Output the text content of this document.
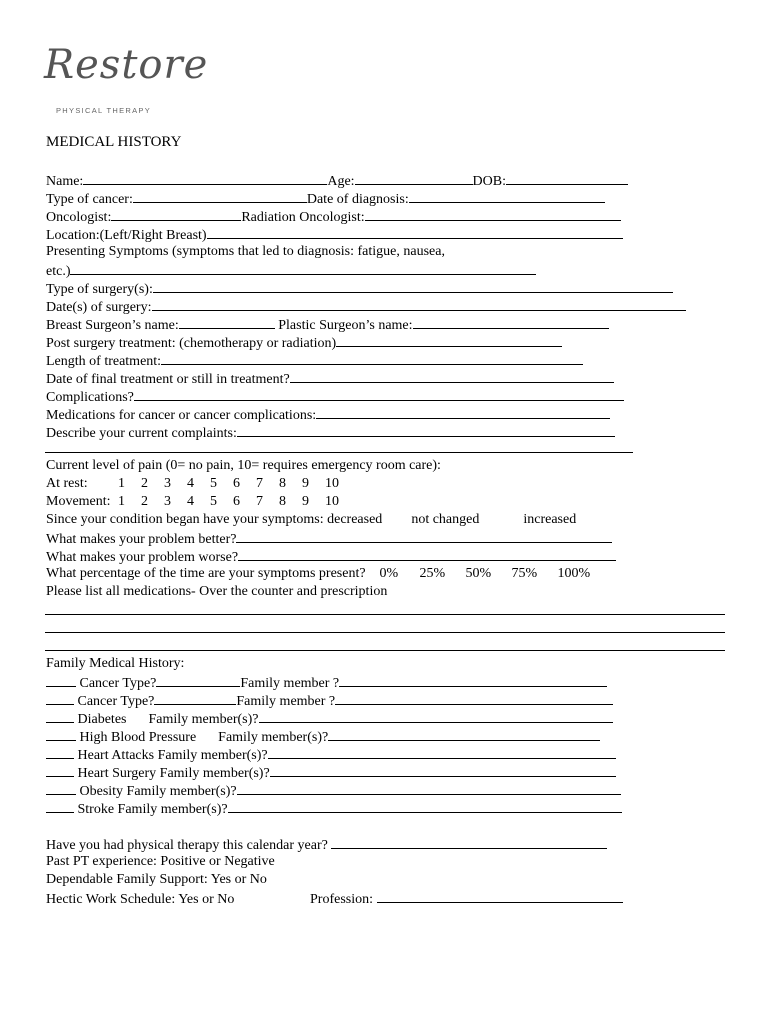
Restore
PHYSICAL THERAPY
MEDICAL HISTORY
Name:	Age:	DOB:
Type of cancer:	Date of diagnosis:
Oncologist:	Radiation Oncologist:
Location:(Left/Right Breast)
Presenting Symptoms (symptoms that led to diagnosis: fatigue, nausea,
etc.)
Type of surgery(s):
Date(s) of surgery:
Breast Surgeon’s name:	Plastic Surgeon’s name:
Post surgery treatment: (chemotherapy or radiation)
Length of treatment:
Date of final treatment or still in treatment?
Complications?
Medications for cancer or cancer complications:
Describe your current complaints:
Current level of pain (0= no pain, 10= requires emergency room care):
At rest: 1 2 3 4 5 6 7 8 9 10
Movement: 1 2 3 4 5 6 7 8 9 10
Since your condition began have your symptoms: decreased not changed	increased
What makes your problem better?
What makes your problem worse?
What percentage of the time are your symptoms present? 0% 25% 50% 75% 100%
Please list all medications- Over the counter and prescription
Family Medical History:
Cancer Type?	Family member ?
Cancer Type?	Family member ?
Diabetes Family member(s)?
High Blood Pressure Family member(s)?
Heart Attacks Family member(s)?
Heart Surgery Family member(s)?
Obesity Family member(s)?
Stroke Family member(s)?
Have you had physical therapy this calendar year?
Past PT experience: Positive or Negative
Dependable Family Support: Yes or No
Hectic Work Schedule: Yes or No	Profession:
